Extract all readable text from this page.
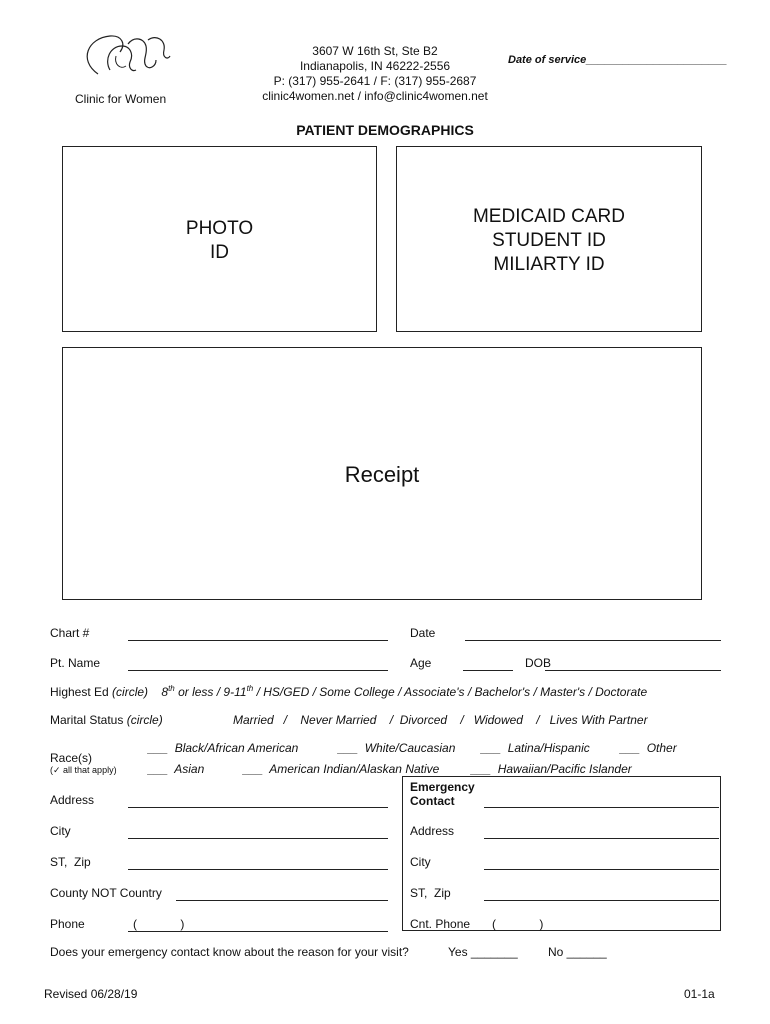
Clinic for Women
3607 W 16th St, Ste B2
Indianapolis, IN 46222-2556
P: (317) 955-2641 / F: (317) 955-2687
clinic4women.net / info@clinic4women.net
Date of service_______________________
PATIENT DEMOGRAPHICS
PHOTO
ID
MEDICAID CARD
STUDENT ID
MILIARTY ID
Receipt
Chart #	Date
Pt. Name	Age	DOB
Highest Ed (circle) 8th or less / 9-11th / HS/GED / Some College / Associate's / Bachelor's / Master's / Doctorate
Marital Status (circle)	Married   /    Never Married    /  Divorced    /   Widowed    /   Lives With Partner
Race(s)
(✓ all that apply)
___  Black/African American	___  White/Caucasian ___  Latina/Hispanic	___  Other
___  Asian	___  American Indian/Alaskan Native	___  Hawaiian/Pacific Islander
Address
City
ST,  Zip
County NOT Country
Phone	(             )
Emergency
Contact
Address
City
ST,  Zip
Cnt. Phone (             )
Does your emergency contact know about the reason for your visit?	Yes _______	No ______
Revised 06/28/19	01-1a
